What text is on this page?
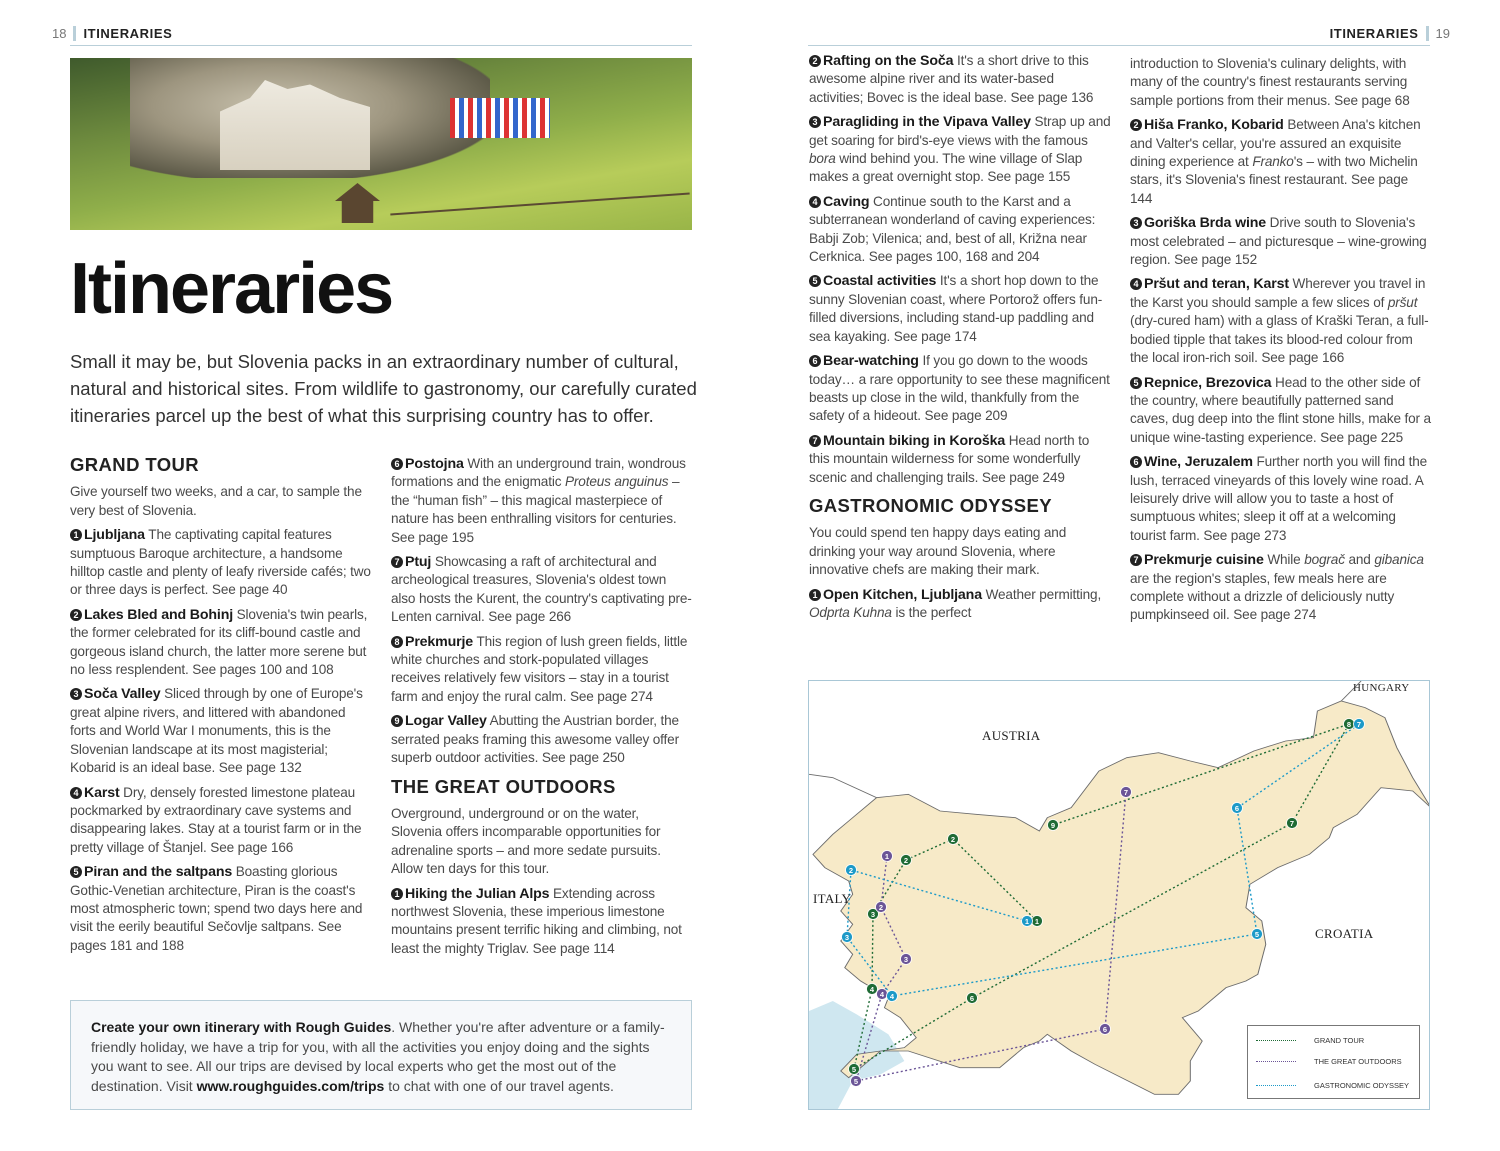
18 ITINERARIES
Itineraries

Small it may be, but Slovenia packs in an extraordinary number of cultural, natural and historical sites. From wildlife to gastronomy, our carefully curated itineraries parcel up the best of what this surprising country has to offer.

GRAND TOUR

Give yourself two weeks, and a car, to sample the very best of Slovenia.

1 Ljubljana The captivating capital features sumptuous Baroque architecture, a handsome hilltop castle and plenty of leafy riverside cafés; two or three days is perfect. See page 40

2 Lakes Bled and Bohinj Slovenia's twin pearls, the former celebrated for its cliff-bound castle and gorgeous island church, the latter more serene but no less resplendent. See pages 100 and 108

3 Soča Valley Sliced through by one of Europe's great alpine rivers, and littered with abandoned forts and World War I monuments, this is the Slovenian landscape at its most magisterial; Kobarid is an ideal base. See page 132

4 Karst Dry, densely forested limestone plateau pockmarked by extraordinary cave systems and disappearing lakes. Stay at a tourist farm or in the pretty village of Štanjel. See page 166

5 Piran and the saltpans Boasting glorious Gothic-Venetian architecture, Piran is the coast's most atmospheric town; spend two days here and visit the eerily beautiful Sečovlje saltpans. See pages 181 and 188

6 Postojna With an underground train, wondrous formations and the enigmatic Proteus anguinus – the “human fish” – this magical masterpiece of nature has been enthralling visitors for centuries. See page 195

7 Ptuj Showcasing a raft of architectural and archeological treasures, Slovenia's oldest town also hosts the Kurent, the country's captivating pre-Lenten carnival. See page 266

8 Prekmurje This region of lush green fields, little white churches and stork-populated villages receives relatively few visitors – stay in a tourist farm and enjoy the rural calm. See page 274

9 Logar Valley Abutting the Austrian border, the serrated peaks framing this awesome valley offer superb outdoor activities. See page 250

THE GREAT OUTDOORS

Overground, underground or on the water, Slovenia offers incomparable opportunities for adrenaline sports – and more sedate pursuits. Allow ten days for this tour.

1 Hiking the Julian Alps Extending across northwest Slovenia, these imperious limestone mountains present terrific hiking and climbing, not least the mighty Triglav. See page 114

Create your own itinerary with Rough Guides. Whether you're after adventure or a family-friendly holiday, we have a trip for you, with all the activities you enjoy doing and the sights you want to see. All our trips are devised by local experts who get the most out of the destination. Visit www.roughguides.com/trips to chat with one of our travel agents.
ITINERARIES 19

2 Rafting on the Soča It's a short drive to this awesome alpine river and its water-based activities; Bovec is the ideal base. See page 136

3 Paragliding in the Vipava Valley Strap up and get soaring for bird's-eye views with the famous bora wind behind you. The wine village of Slap makes a great overnight stop. See page 155

4 Caving Continue south to the Karst and a subterranean wonderland of caving experiences: Babji Zob; Vilenica; and, best of all, Križna near Cerknica. See pages 100, 168 and 204

5 Coastal activities It's a short hop down to the sunny Slovenian coast, where Portorož offers fun-filled diversions, including stand-up paddling and sea kayaking. See page 174

6 Bear-watching If you go down to the woods today… a rare opportunity to see these magnificent beasts up close in the wild, thankfully from the safety of a hideout. See page 209

7 Mountain biking in Koroška Head north to this mountain wilderness for some wonderfully scenic and challenging trails. See page 249

GASTRONOMIC ODYSSEY

You could spend ten happy days eating and drinking your way around Slovenia, where innovative chefs are making their mark.

1 Open Kitchen, Ljubljana Weather permitting, Odprta Kuhna is the perfect

introduction to Slovenia's culinary delights, with many of the country's finest restaurants serving sample portions from their menus. See page 68

2 Hiša Franko, Kobarid Between Ana's kitchen and Valter's cellar, you're assured an exquisite dining experience at Franko's – with two Michelin stars, it's Slovenia's finest restaurant. See page 144

3 Goriška Brda wine Drive south to Slovenia's most celebrated – and picturesque – wine-growing region. See page 152

4 Pršut and teran, Karst Wherever you travel in the Karst you should sample a few slices of pršut (dry-cured ham) with a glass of Kraški Teran, a full-bodied tipple that takes its blood-red colour from the local iron-rich soil. See page 166

5 Repnice, Brezovica Head to the other side of the country, where beautifully patterned sand caves, dug deep into the flint stone hills, make for a unique wine-tasting experience. See page 225

6 Wine, Jeruzalem Further north you will find the lush, terraced vineyards of this lovely wine road. A leisurely drive will allow you to taste a host of sumptuous whites; sleep it off at a welcoming tourist farm. See page 273

7 Prekmurje cuisine While bograč and gibanica are the region's staples, few meals here are complete without a drizzle of deliciously nutty pumpkinseed oil. See page 274

1
2
2
3
4
5
6
7
8
9
1
2
3
4
5
6
7
1
2
3
4
5
6
7
AUSTRIA
ITALY
CROATIA
HUNGARY
GRAND TOUR
THE GREAT OUTDOORS
GASTRONOMIC ODYSSEY
